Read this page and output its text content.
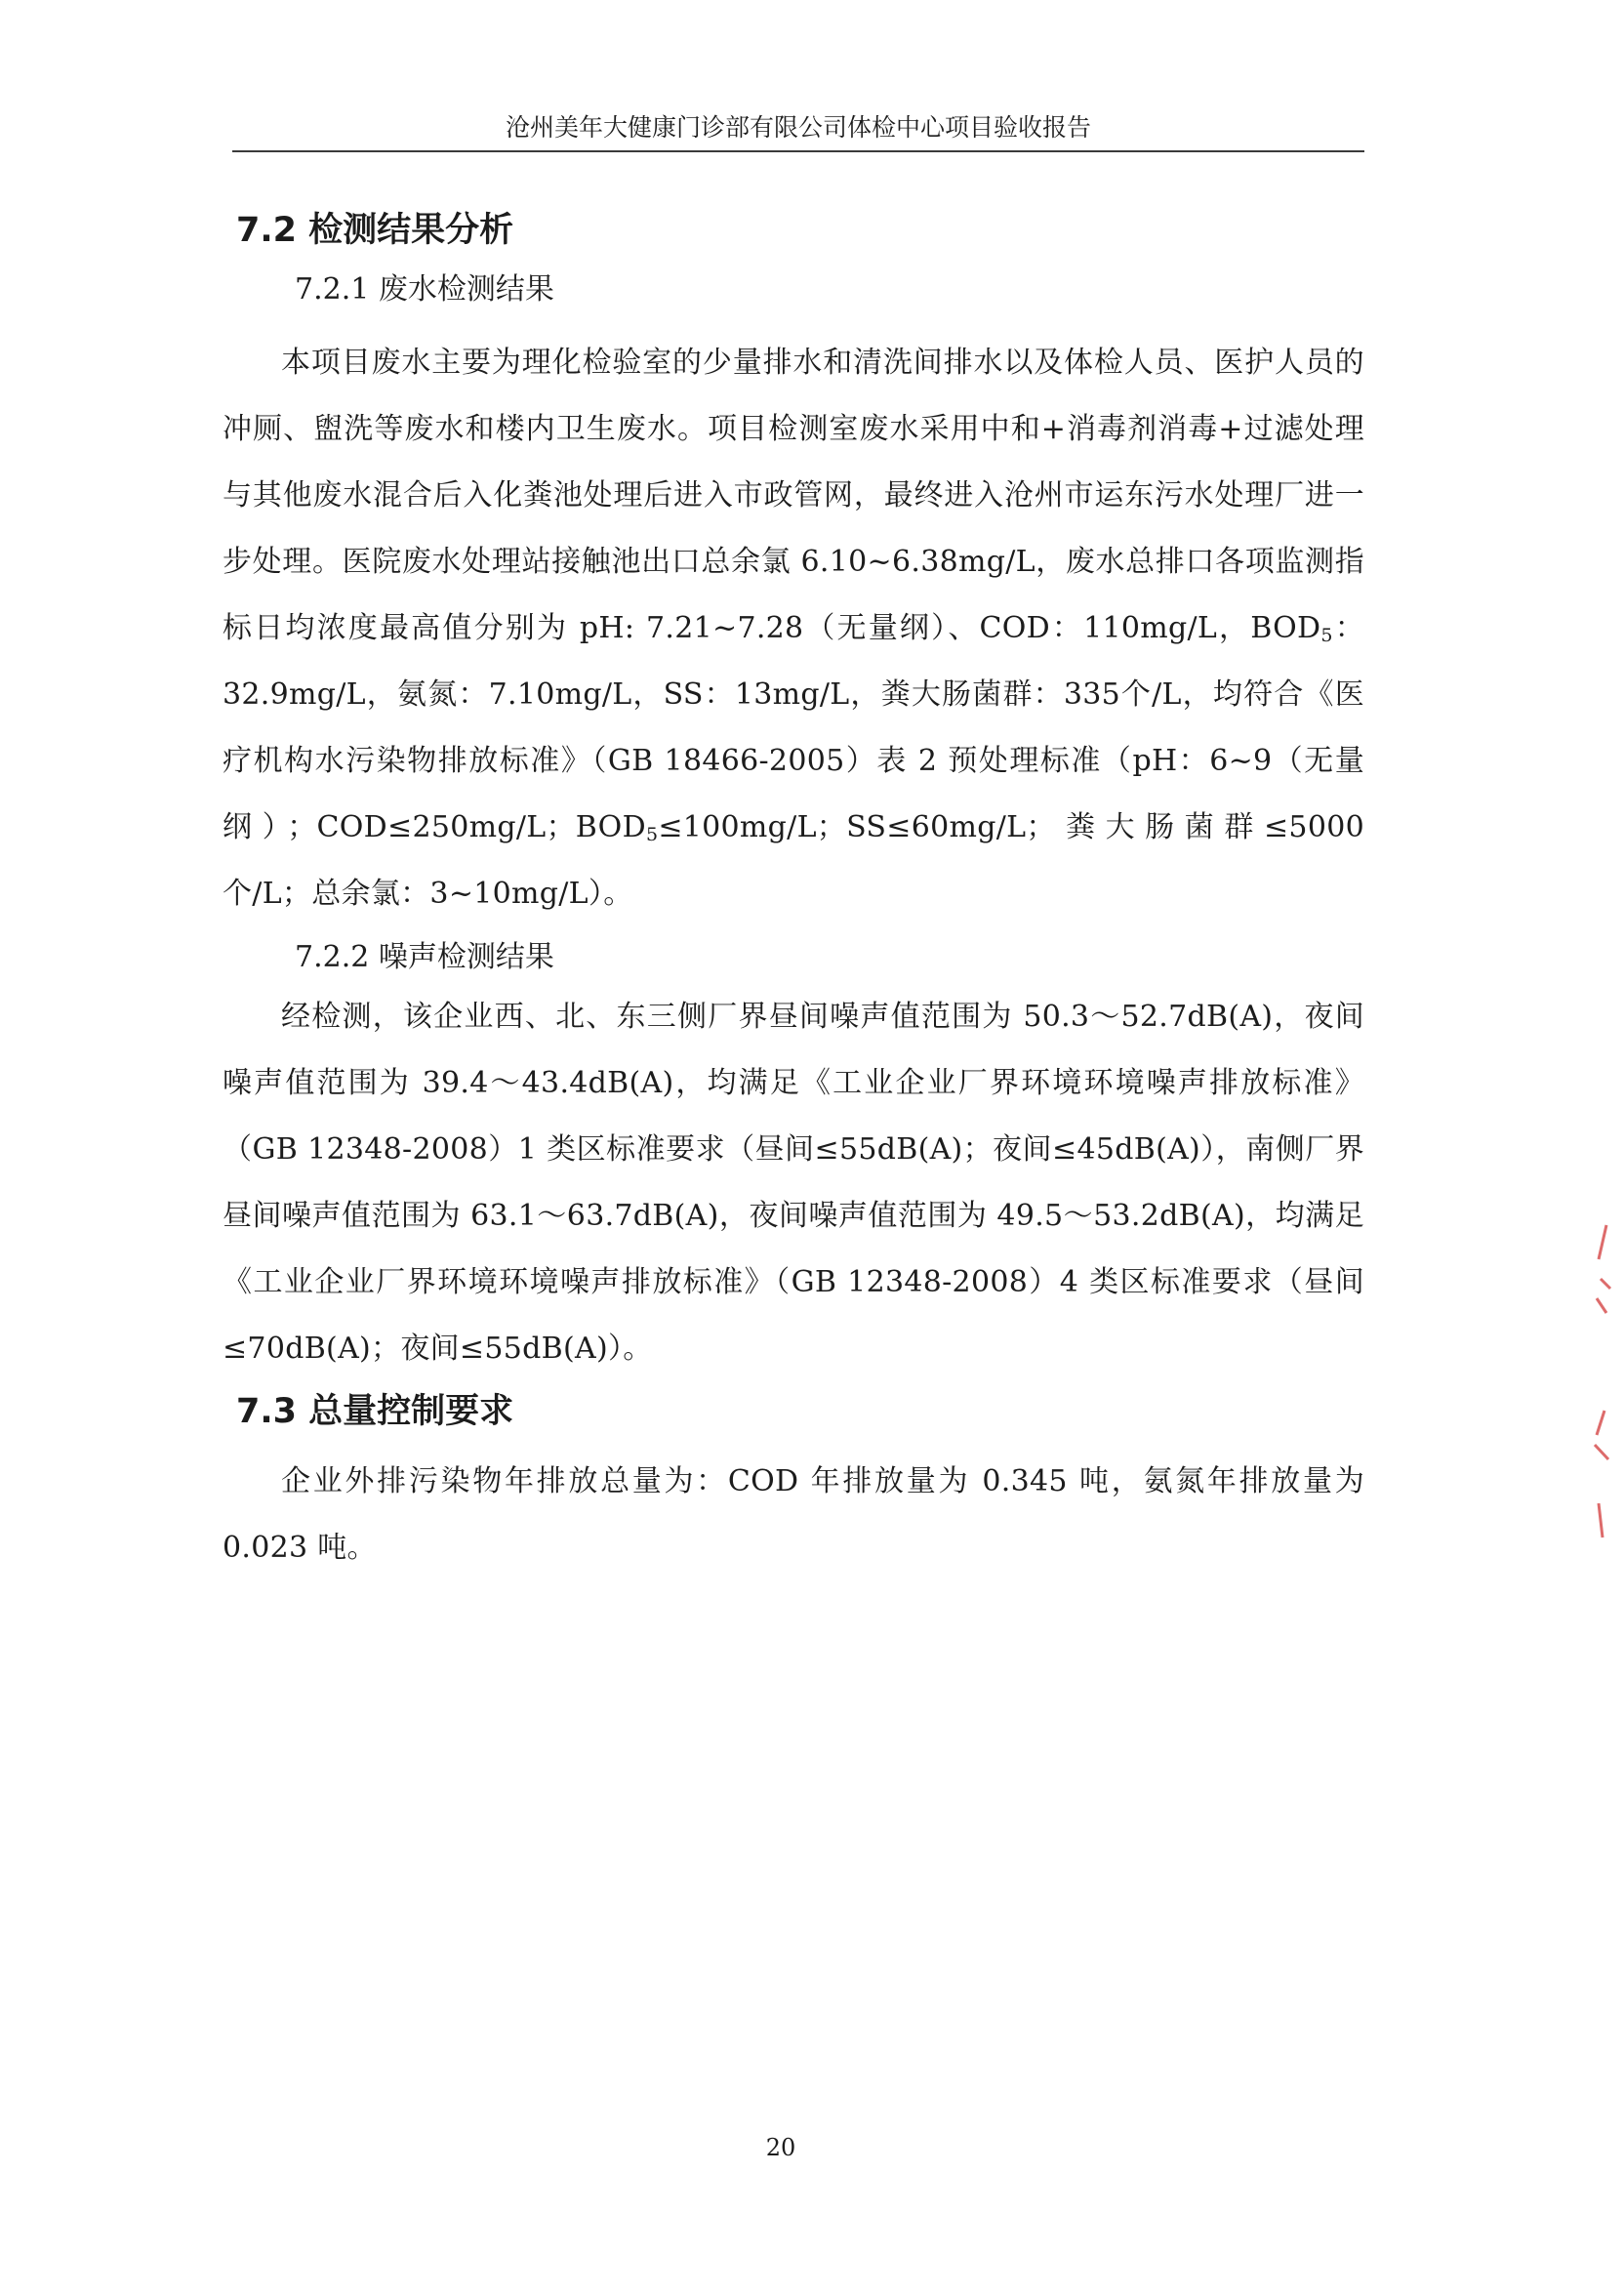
沧州美年大健康门诊部有限公司体检中心项目验收报告
7.2 检测结果分析
7.2.1 废水检测结果

本项目废水主要为理化检验室的少量排水和清洗间排水以及体检人员、医护人员的冲厕、盥洗等废水和楼内卫生废水。项目检测室废水采用中和+消毒剂消毒+过滤处理与其他废水混合后入化粪池处理后进入市政管网，最终进入沧州市运东污水处理厂进一步处理。医院废水处理站接触池出口总余氯 6.10~6.38mg/L，废水总排口各项监测指标日均浓度最高值分别为 pH: 7.21~7.28（无量纲）、COD：110mg/L，$BOD_5$：32.9mg/L，氨氮：7.10mg/L，SS：13mg/L，粪大肠菌群：335个/L，均符合《医疗机构水污染物排放标准》（GB 18466-2005）表 2 预处理标准（pH：6~9（无量纲）；COD≤250mg/L；$BOD_5\le 100mg/L$；SS≤60mg/L；粪大肠菌群≤5000 个/L；总余氯：3~10mg/L）。

7.2.2 噪声检测结果

经检测，该企业西、北、东三侧厂界昼间噪声值范围为 50.3～52.7dB(A)，夜间噪声值范围为 39.4～43.4dB(A)，均满足《工业企业厂界环境环境噪声排放标准》（GB 12348-2008）1 类区标准要求（昼间≤55dB(A)；夜间≤45dB(A)），南侧厂界昼间噪声值范围为 63.1～63.7dB(A)，夜间噪声值范围为 49.5～53.2dB(A)，均满足《工业企业厂界环境环境噪声排放标准》（GB 12348-2008）4 类区标准要求（昼间≤70dB(A)；夜间≤55dB(A)）。

7.3 总量控制要求

企业外排污染物年排放总量为：COD 年排放量为 0.345 吨，氨氮年排放量为 0.023 吨。

20
